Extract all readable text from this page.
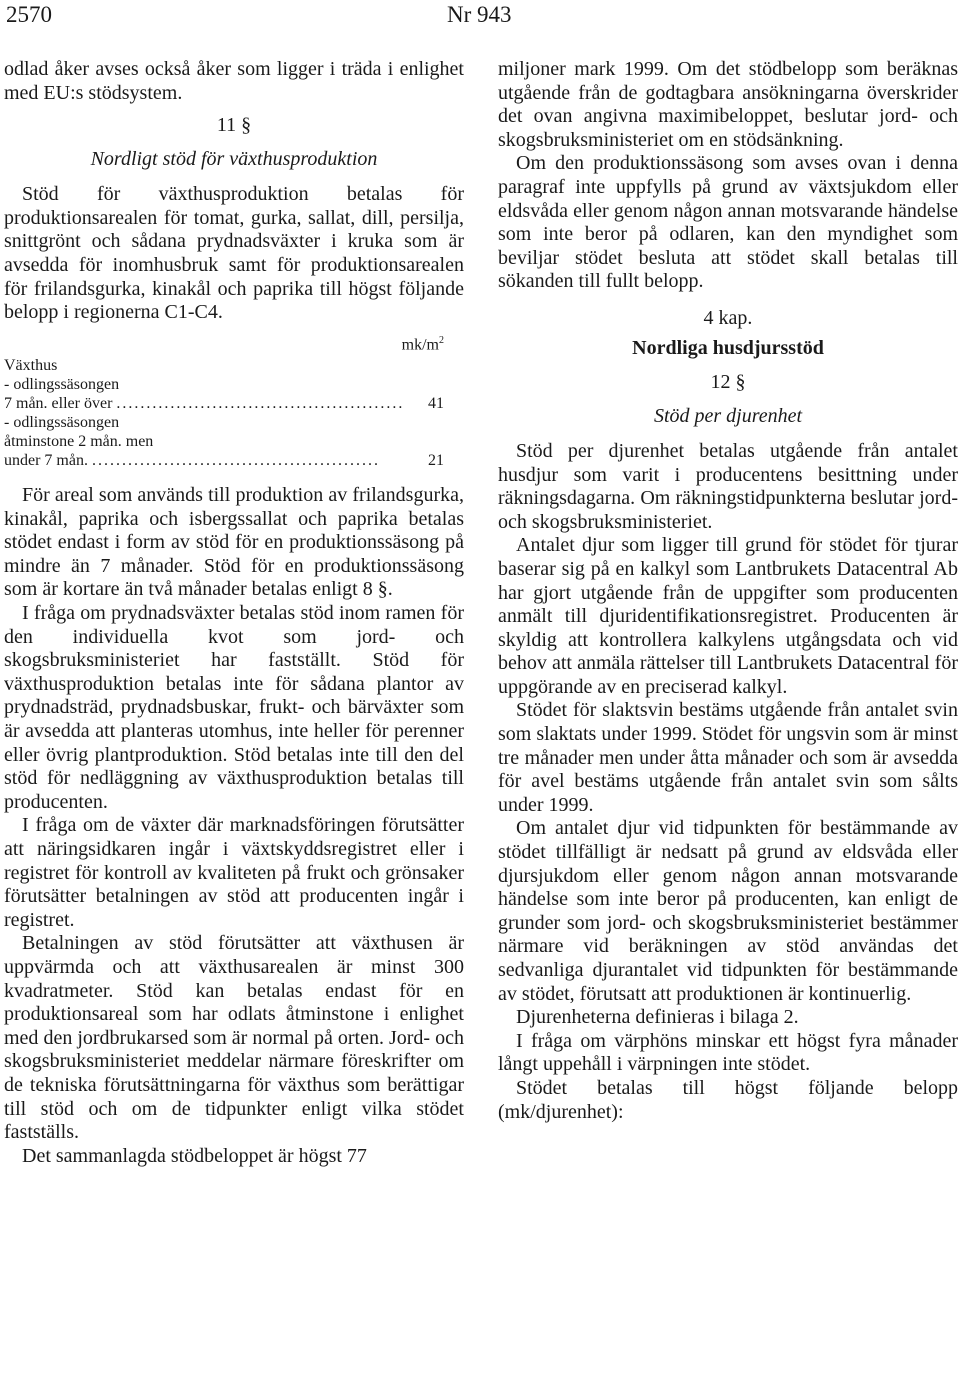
2570	Nr 943

odlad åker avses också åker som ligger i träda i enlighet med EU:s stödsystem.

11 §
Nordligt stöd för växthusproduktion

Stöd för växthusproduktion betalas för produktionsarealen för tomat, gurka, sallat, dill, persilja, snittgrönt och sådana prydnadsväxter i kruka som är avsedda för inomhusbruk samt för produktionsarealen för frilandsgurka, kinakål och paprika till högst följande belopp i regionerna C1-C4.

$mk/m^2$
Växthus
- odlingssäsongen
7 mån. eller över ................................................	41
- odlingssäsongen
åtminstone 2 mån. men
under 7 mån. ................................................	21

För areal som används till produktion av frilandsgurka, kinakål, paprika och isbergssallat och paprika betalas stödet endast i form av stöd för en produktionssäsong på mindre än 7 månader. Stöd för en produktionssäsong som är kortare än två månader betalas enligt 8 §.

I fråga om prydnadsväxter betalas stöd inom ramen för den individuella kvot som jord- och skogsbruksministeriet har fastställt. Stöd för växthusproduktion betalas inte för sådana plantor av prydnadsträd, prydnadsbuskar, frukt- och bärväxter som är avsedda att planteras utomhus, inte heller för perenner eller övrig plantproduktion. Stöd betalas inte till den del stöd för nedläggning av växthusproduktion betalas till producenten.

I fråga om de växter där marknadsföringen förutsätter att näringsidkaren ingår i växtskyddsregistret eller i registret för kontroll av kvaliteten på frukt och grönsaker förutsätter betalningen av stöd att producenten ingår i registret.

Betalningen av stöd förutsätter att växthusen är uppvärmda och att växthusarealen är minst 300 kvadratmeter. Stöd kan betalas endast för en produktionsareal som har odlats åtminstone i enlighet med den jordbrukarsed som är normal på orten. Jord- och skogsbruksministeriet meddelar närmare föreskrifter om de tekniska förutsättningarna för växthus som berättigar till stöd och om de tidpunkter enligt vilka stödet fastställs.

Det sammanlagda stödbeloppet är högst 77

miljoner mark 1999. Om det stödbelopp som beräknas utgående från de godtagbara ansökningarna överskrider det ovan angivna maximibeloppet, beslutar jord- och skogsbruksministeriet om en stödsänkning.

Om den produktionssäsong som avses ovan i denna paragraf inte uppfylls på grund av växtsjukdom eller eldsvåda eller genom någon annan motsvarande händelse som inte beror på odlaren, kan den myndighet som beviljar stödet besluta att stödet skall betalas till sökanden till fullt belopp.

4 kap.
Nordliga husdjursstöd
12 §
Stöd per djurenhet

Stöd per djurenhet betalas utgående från antalet husdjur som varit i producentens besittning under räkningsdagarna. Om räkningstidpunkterna beslutar jord- och skogsbruksministeriet.

Antalet djur som ligger till grund för stödet för tjurar baserar sig på en kalkyl som Lantbrukets Datacentral Ab har gjort utgående från de uppgifter som producenten anmält till djuridentifikationsregistret. Producenten är skyldig att kontrollera kalkylens utgångsdata och vid behov att anmäla rättelser till Lantbrukets Datacentral för uppgörande av en preciserad kalkyl.

Stödet för slaktsvin bestäms utgående från antalet svin som slaktats under 1999. Stödet för ungsvin som är minst tre månader men under åtta månader och som är avsedda för avel bestäms utgående från antalet svin som sålts under 1999.

Om antalet djur vid tidpunkten för bestämmande av stödet tillfälligt är nedsatt på grund av eldsvåda eller djursjukdom eller genom någon annan motsvarande händelse som inte beror på producenten, kan enligt de grunder som jord- och skogsbruksministeriet bestämmer närmare vid beräkningen av stöd användas det sedvanliga djurantalet vid tidpunkten för bestämmande av stödet, förutsatt att produktionen är kontinuerlig.

Djurenheterna definieras i bilaga 2.

I fråga om värphöns minskar ett högst fyra månader långt uppehåll i värpningen inte stödet.

Stödet betalas till högst följande belopp (mk/djurenhet):
